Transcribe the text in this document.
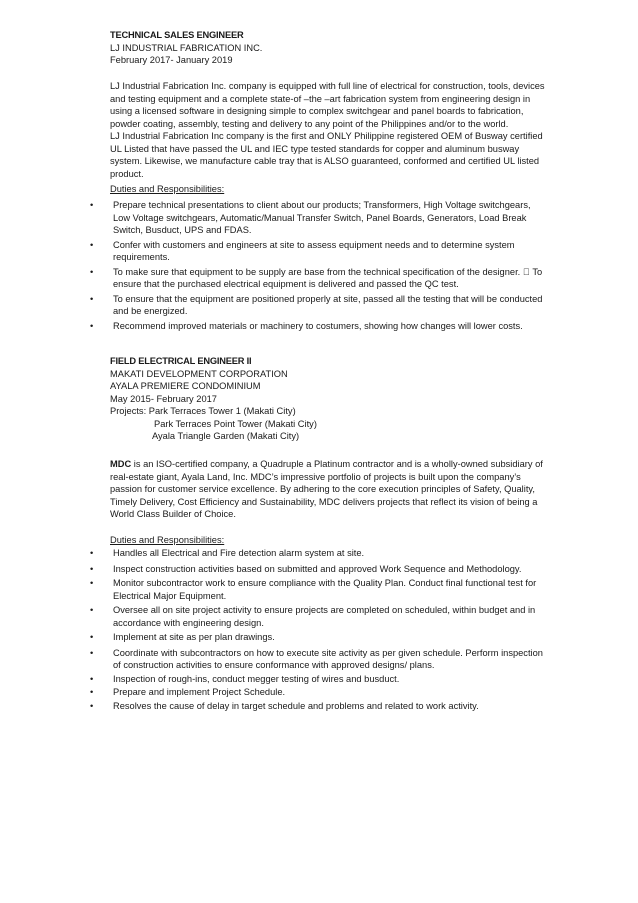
TECHNICAL SALES ENGINEER
LJ INDUSTRIAL FABRICATION INC.
February 2017- January 2019
LJ Industrial Fabrication Inc. company is equipped with full line of electrical for construction, tools, devices and testing equipment and a complete state-of –the –art fabrication system from engineering design in using a licensed software in designing simple to complex switchgear and panel boards to fabrication, powder coating, assembly, testing and delivery to any point of the Philippines and/or to the world.
LJ Industrial Fabrication Inc company is the first and ONLY Philippine registered OEM of Busway certified UL Listed that have passed the UL and IEC type tested standards for copper and aluminum busway system. Likewise, we manufacture cable tray that is ALSO guaranteed, conformed and certified UL listed product.
Duties and Responsibilities:
• Prepare technical presentations to client about our products; Transformers, High Voltage switchgears, Low Voltage switchgears, Automatic/Manual Transfer Switch, Panel Boards, Generators, Load Break Switch, Busduct, UPS and FDAS.
• Confer with customers and engineers at site to assess equipment needs and to determine system requirements.
• To make sure that equipment to be supply are base from the technical specification of the designer. To ensure that the purchased electrical equipment is delivered and passed the QC test.
• To ensure that the equipment are positioned properly at site, passed all the testing that will be conducted and be energized.
• Recommend improved materials or machinery to costumers, showing how changes will lower costs.
FIELD ELECTRICAL ENGINEER II
MAKATI DEVELOPMENT CORPORATION
AYALA PREMIERE CONDOMINIUM
May 2015- February 2017
Projects: Park Terraces Tower 1 (Makati City)
Park Terraces Point Tower (Makati City)
Ayala Triangle Garden (Makati City)
MDC is an ISO-certified company, a Quadruple a Platinum contractor and is a wholly-owned subsidiary of real-estate giant, Ayala Land, Inc. MDC’s impressive portfolio of projects is built upon the company’s passion for customer service excellence. By adhering to the core execution principles of Safety, Quality, Timely Delivery, Cost Efficiency and Sustainability, MDC delivers projects that reflect its vision of being a World Class Builder of Choice.
Duties and Responsibilities:
• Handles all Electrical and Fire detection alarm system at site.
• Inspect construction activities based on submitted and approved Work Sequence and Methodology.
• Monitor subcontractor work to ensure compliance with the Quality Plan. Conduct final functional test for Electrical Major Equipment.
• Oversee all on site project activity to ensure projects are completed on scheduled, within budget and in accordance with engineering design.
• Implement at site as per plan drawings.
• Coordinate with subcontractors on how to execute site activity as per given schedule. Perform inspection of construction activities to ensure conformance with approved designs/ plans.
• Inspection of rough-ins, conduct megger testing of wires and busduct.
• Prepare and implement Project Schedule.
• Resolves the cause of delay in target schedule and problems and related to work activity.
